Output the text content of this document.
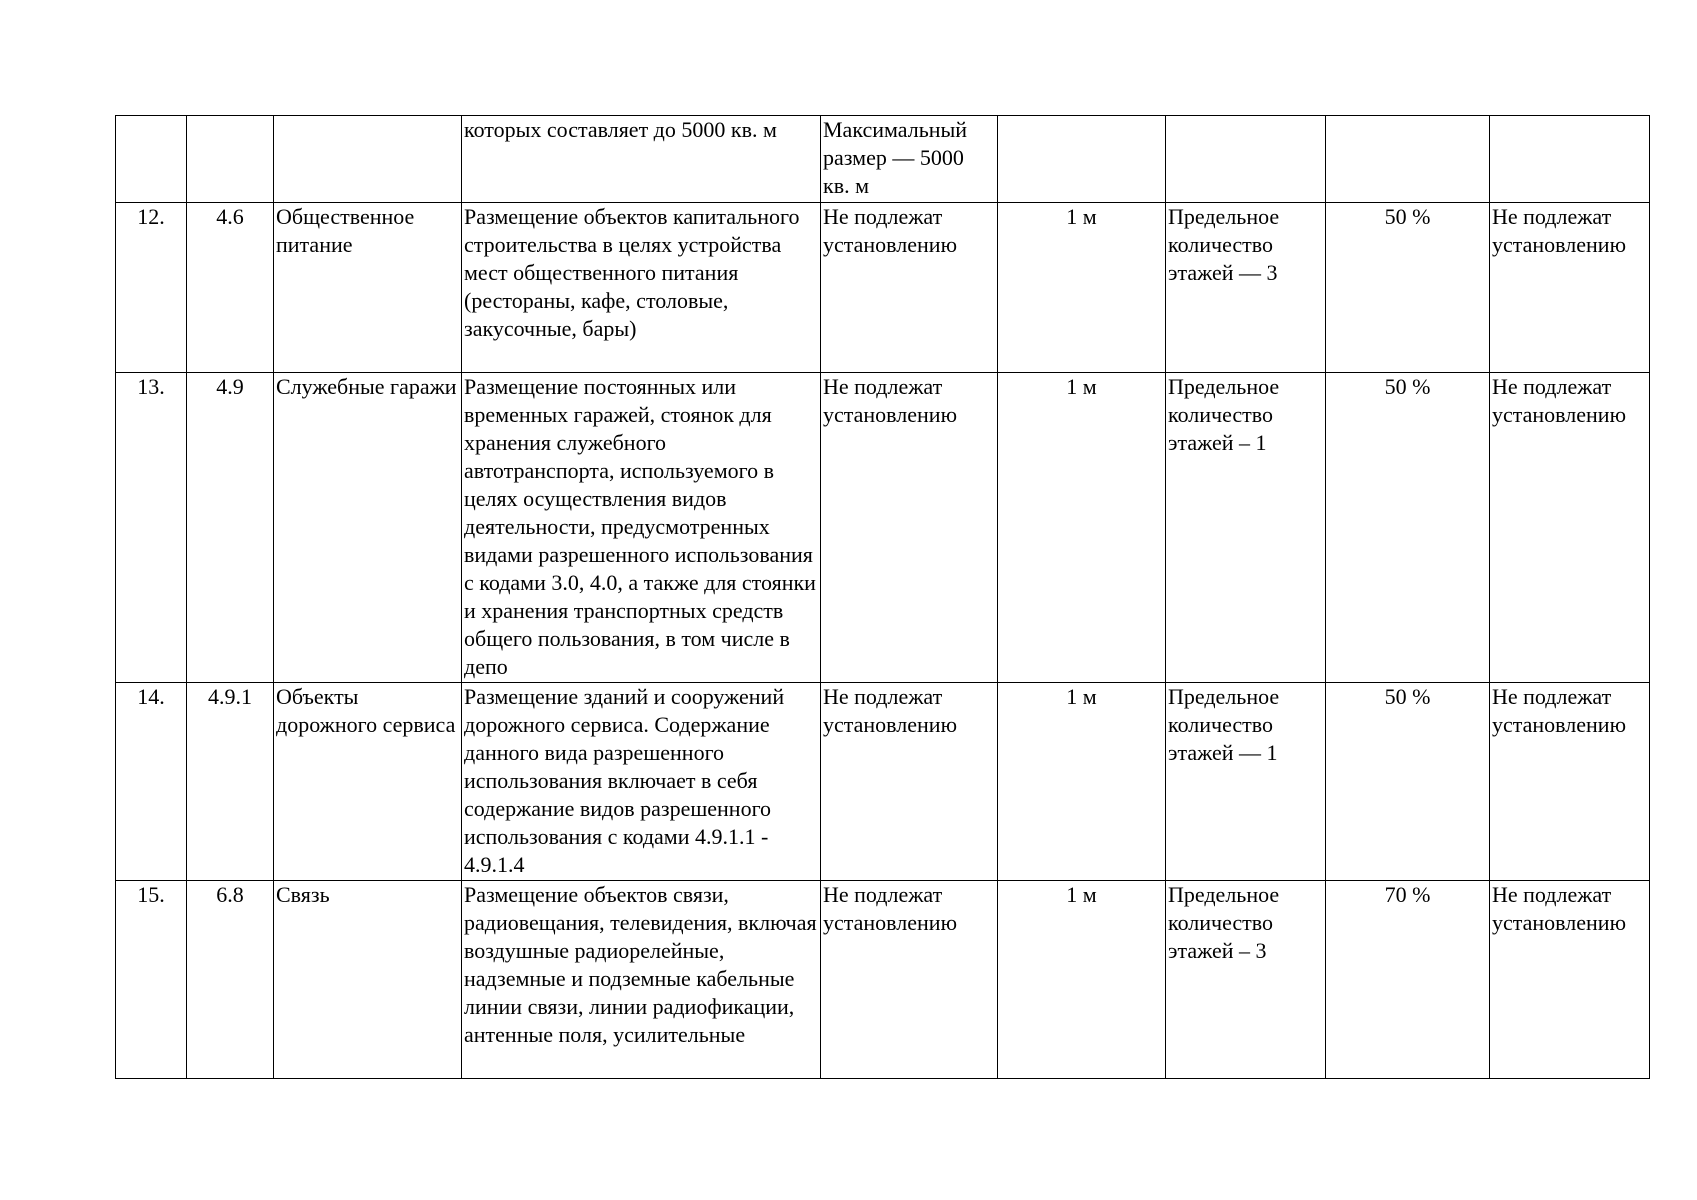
			которых составляет до 5000 кв. м	Максимальный размер — 5000 кв. м				
12.	4.6	Общественное питание	Размещение объектов капитального строительства в целях устройства мест общественного питания (рестораны, кафе, столовые, закусочные, бары)	Не подлежат установлению	1 м	Предельное количество этажей — 3	50 %	Не подлежат установлению
13.	4.9	Служебные гаражи	Размещение постоянных или временных гаражей, стоянок для хранения служебного автотранспорта, используемого в целях осуществления видов деятельности, предусмотренных видами разрешенного использования с кодами 3.0, 4.0, а также для стоянки и хранения транспортных средств общего пользования, в том числе в депо	Не подлежат установлению	1 м	Предельное количество этажей – 1	50 %	Не подлежат установлению
14.	4.9.1	Объекты дорожного сервиса	Размещение зданий и сооружений дорожного сервиса. Содержание данного вида разрешенного использования включает в себя содержание видов разрешенного использования с кодами 4.9.1.1 - 4.9.1.4	Не подлежат установлению	1 м	Предельное количество этажей — 1	50 %	Не подлежат установлению
15.	6.8	Связь	Размещение объектов связи, радиовещания, телевидения, включая воздушные радиорелейные, надземные и подземные кабельные линии связи, линии радиофикации, антенные поля, усилительные	Не подлежат установлению	1 м	Предельное количество этажей – 3	70 %	Не подлежат установлению
